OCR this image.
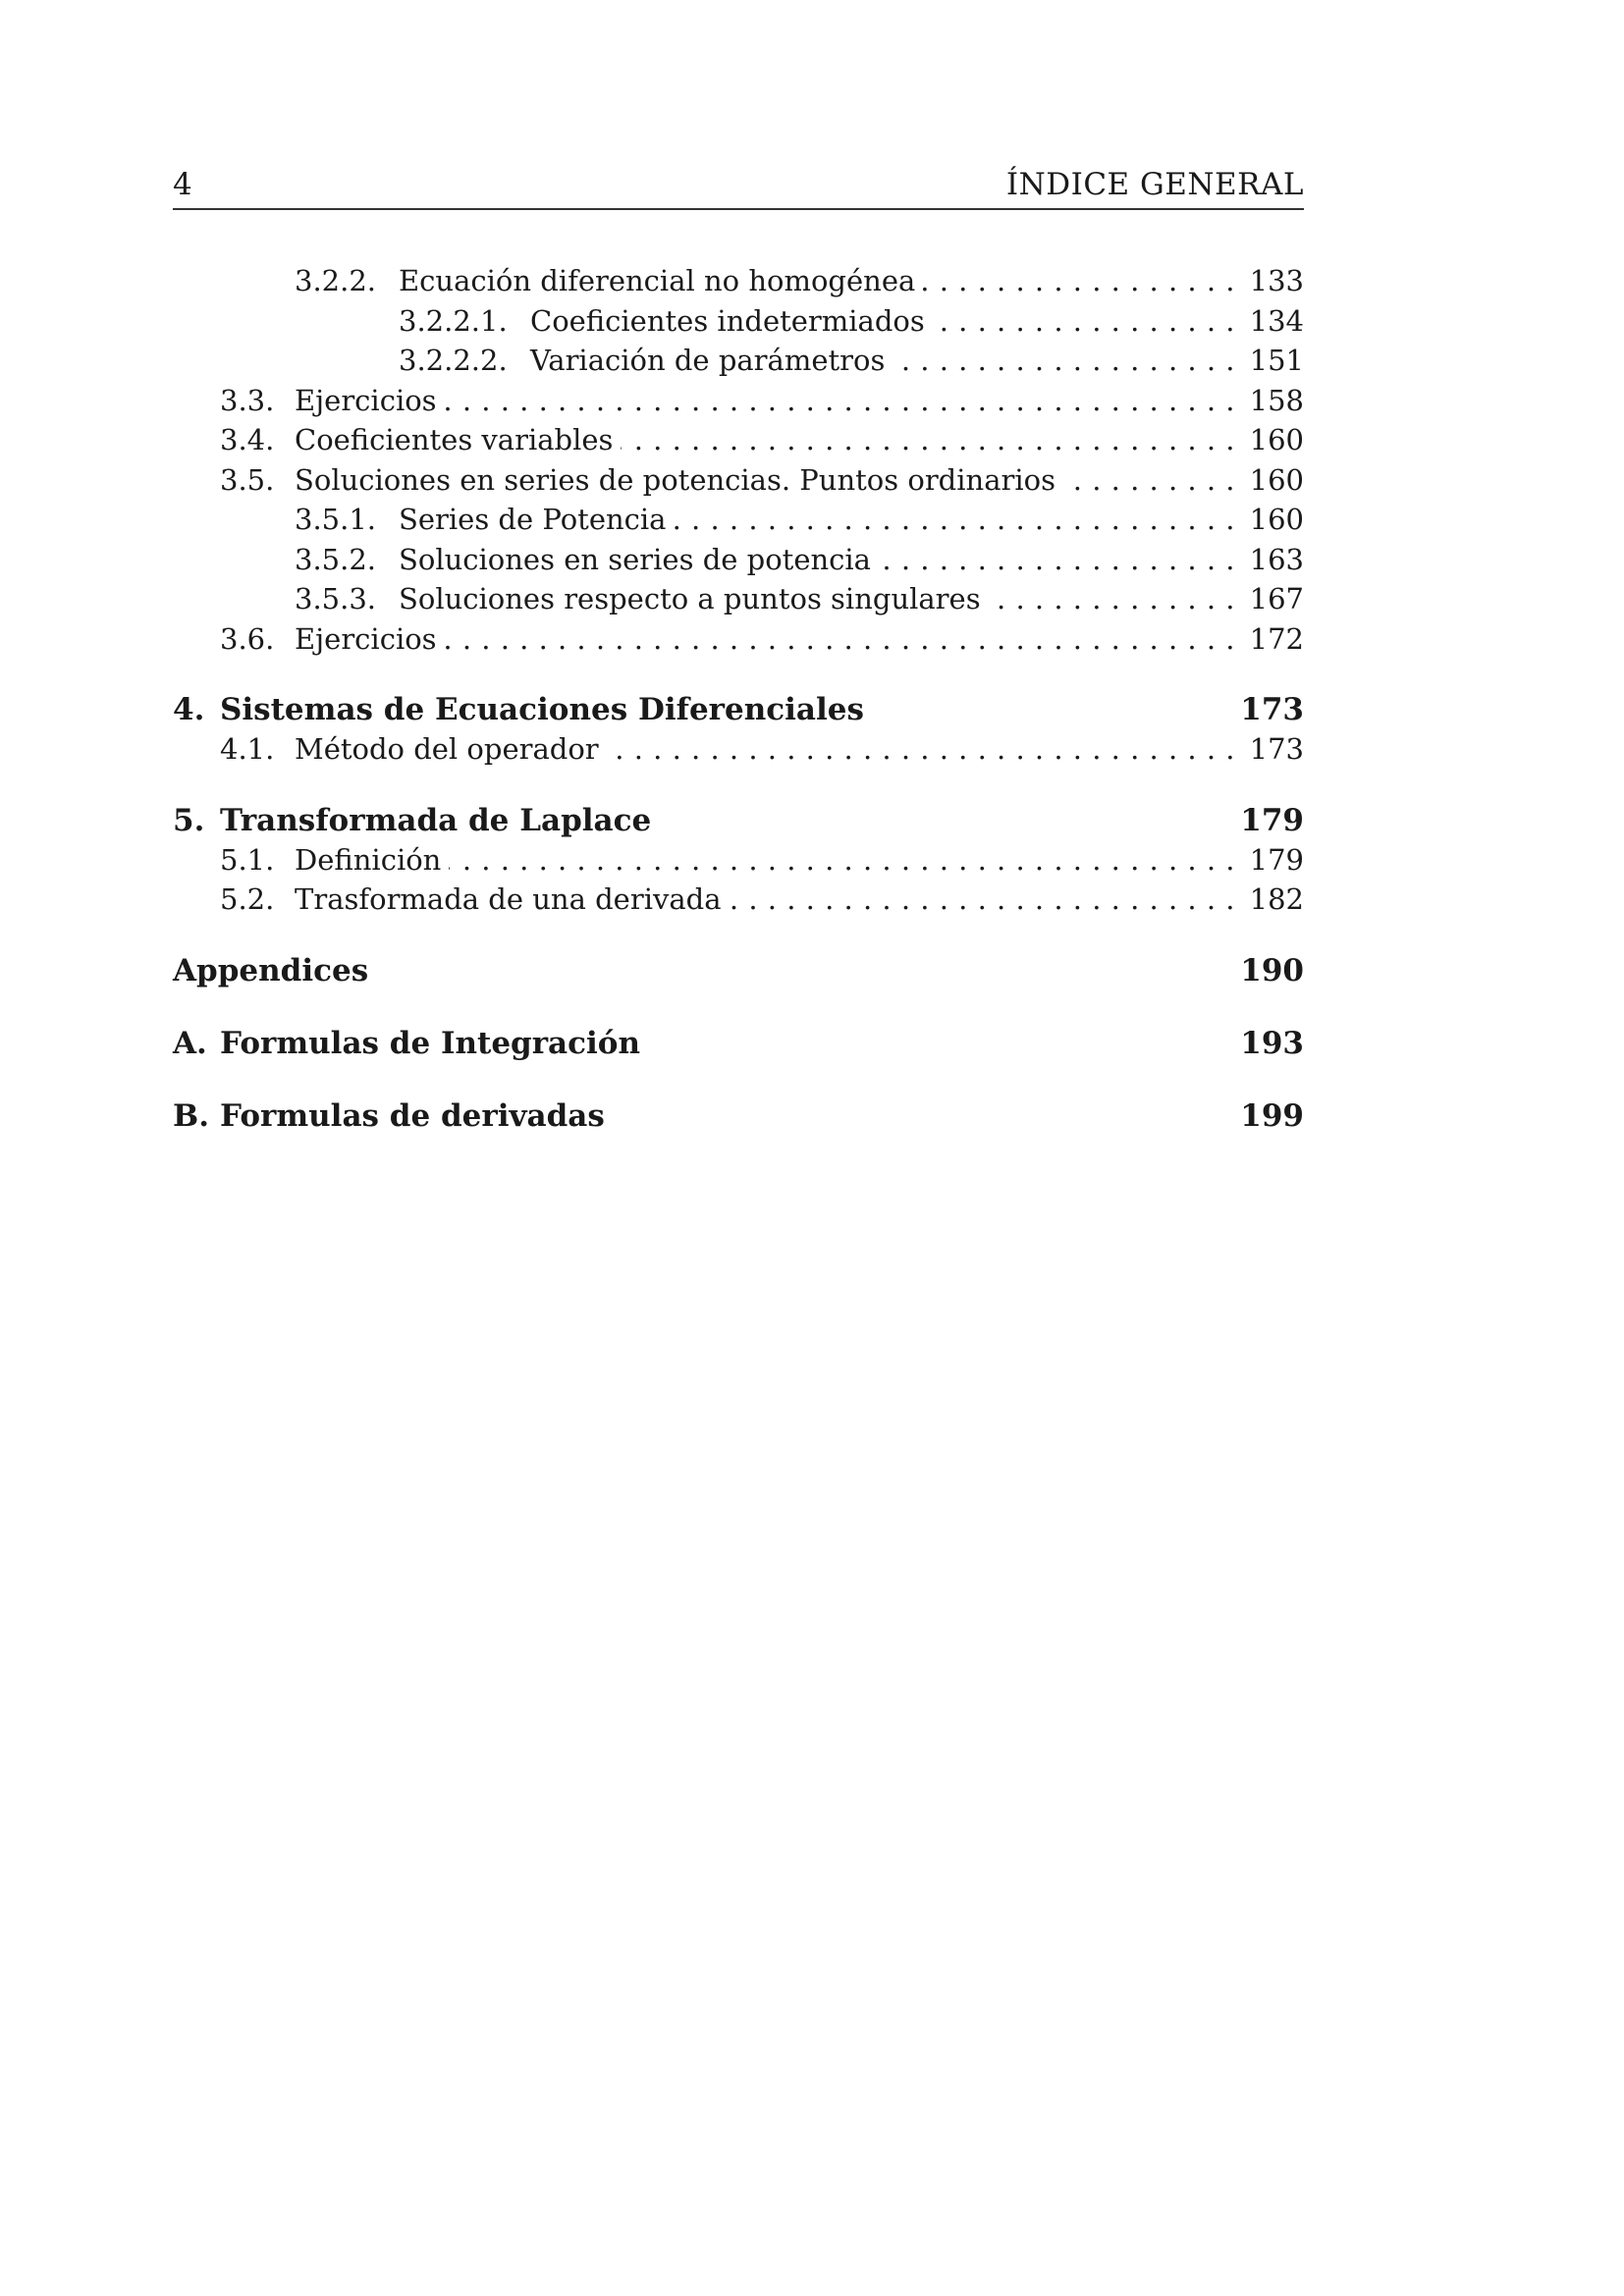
4	ÍNDICE GENERAL
3.2.2. Ecuación diferencial no homogénea . .	133
3.2.2.1. Coeficientes indetermiados . .	134
3.2.2.2. Variación de parámetros . .	151
3.3. Ejercicios . .	158
3.4. Coeficientes variables . .	160
3.5. Soluciones en series de potencias. Puntos ordinarios . .	160
3.5.1. Series de Potencia . .	160
3.5.2. Soluciones en series de potencia . .	163
3.5.3. Soluciones respecto a puntos singulares . .	167
3.6. Ejercicios . .	172
4. Sistemas de Ecuaciones Diferenciales	173
4.1. Método del operador . .	173
5. Transformada de Laplace	179
5.1. Definición . .	179
5.2. Trasformada de una derivada . .	182
Appendices	190
A. Formulas de Integración	193
B. Formulas de derivadas	199
